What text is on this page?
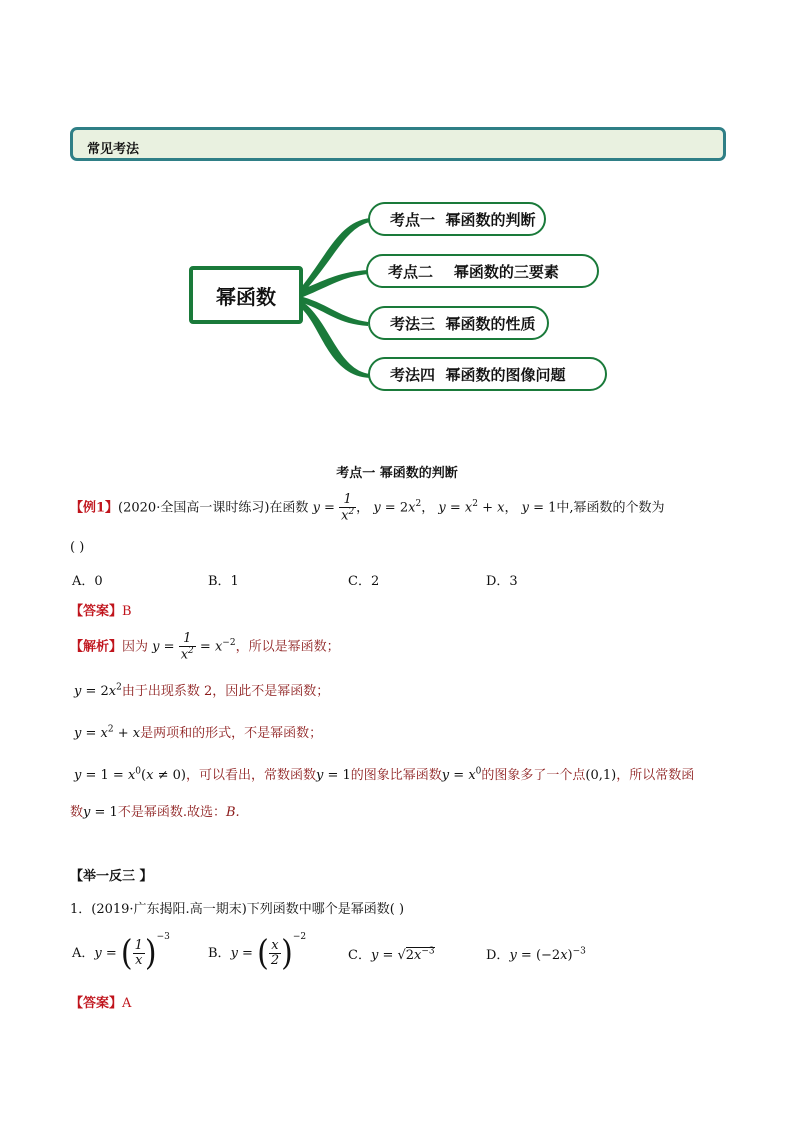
常见考法
幂函数
考点一  幂函数的判断
考点二    幂函数的三要素
考法三  幂函数的性质
考法四  幂函数的图像问题
考点一 幂函数的判断
【例1】(2020·全国高一课时练习)在函数 $y = \frac{1}{x^2}$ ， $y = 2x^2$， $y = x^2 + x$， y = 1中,幂函数的个数为
( )
A．0	B．1	C．2	D．3
【答案】B
【解析】因为 $y = \frac{1}{x^2} = x^{-2}$，所以是幂函数；
$y = 2x^2$由于出现系数 2，因此不是幂函数；
$y = x^2 + x$是两项和的形式，不是幂函数；
$y = 1 = x^0(x \ne 0)$，可以看出，常数函数y = 1的图象比幂函数$y = x^0$的图象多了一个点(0,1)，所以常数函
数y = 1不是幂函数.故选：B.
【举一反三 】
1．(2019·广东揭阳.高一期末)下列函数中哪个是幂函数( )
A．y = ( $\frac{1}{x} )^{-3}$
B．y = ( $\frac{x}{2} )^{-2}$
C．$y = √2x^{-3}$	D．$y = (-2x)^{-3}$
【答案】A
